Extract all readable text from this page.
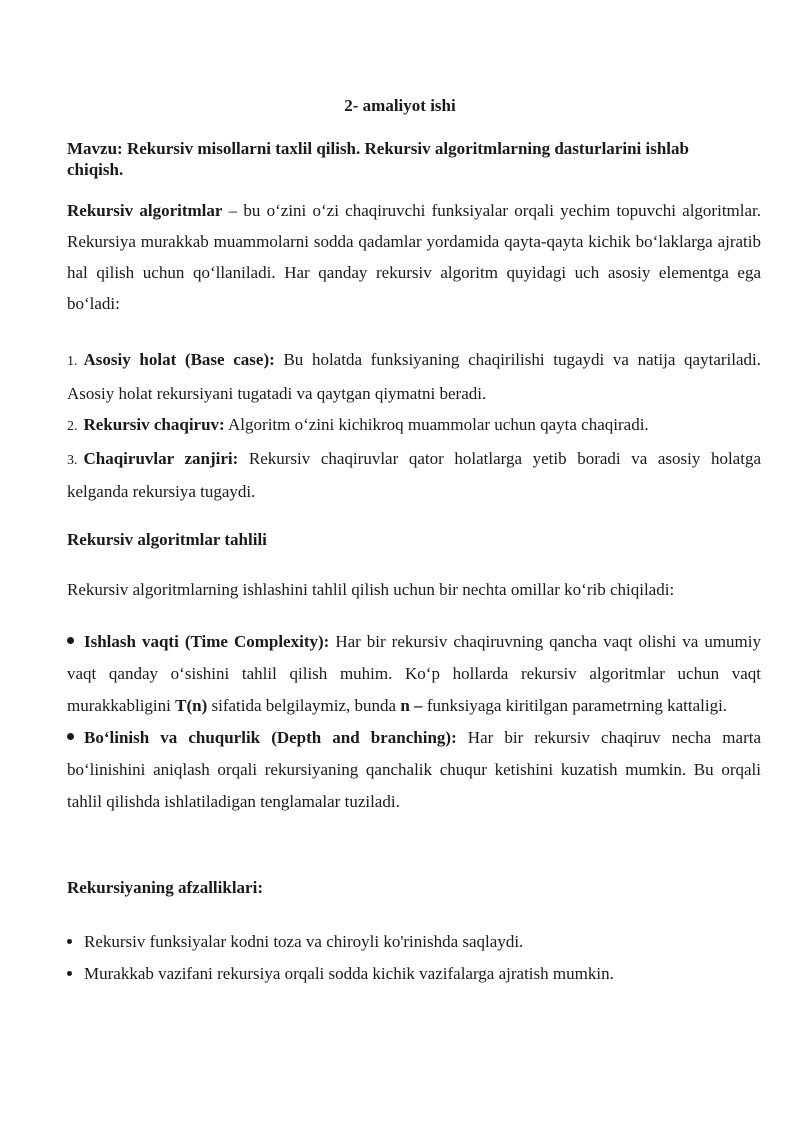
2- amaliyot ishi
Mavzu: Rekursiv misollarni taxlil qilish. Rekursiv algoritmlarning dasturlarini ishlab chiqish.

Rekursiv algoritmlar – bu o‘zini o‘zi chaqiruvchi funksiyalar orqali yechim topuvchi algoritmlar. Rekursiya murakkab muammolarni sodda qadamlar yordamida qayta-qayta kichik bo‘laklarga ajratib hal qilish uchun qo‘llaniladi. Har qanday rekursiv algoritm quyidagi uch asosiy elementga ega bo‘ladi:

1. Asosiy holat (Base case): Bu holatda funksiyaning chaqirilishi tugaydi va natija qaytariladi. Asosiy holat rekursiyani tugatadi va qaytgan qiymatni beradi.

2. Rekursiv chaqiruv: Algoritm o‘zini kichikroq muammolar uchun qayta chaqiradi.

3. Chaqiruvlar zanjiri: Rekursiv chaqiruvlar qator holatlarga yetib boradi va asosiy holatga kelganda rekursiya tugaydi.

Rekursiv algoritmlar tahlili
Rekursiv algoritmlarning ishlashini tahlil qilish uchun bir nechta omillar ko‘rib chiqiladi:

Ishlash vaqti (Time Complexity): Har bir rekursiv chaqiruvning qancha vaqt olishi va umumiy vaqt qanday o‘sishini tahlil qilish muhim. Ko‘p hollarda rekursiv algoritmlar uchun vaqt murakkabligini T(n) sifatida belgilaymiz, bunda n – funksiyaga kiritilgan parametrning kattaligi.

Bo‘linish va chuqurlik (Depth and branching): Har bir rekursiv chaqiruv necha marta bo‘linishini aniqlash orqali rekursiyaning qanchalik chuqur ketishini kuzatish mumkin. Bu orqali tahlil qilishda ishlatiladigan tenglamalar tuziladi.

Rekursiyaning afzalliklari:
Rekursiv funksiyalar kodni toza va chiroyli ko'rinishda saqlaydi.
Murakkab vazifani rekursiya orqali sodda kichik vazifalarga ajratish mumkin.
